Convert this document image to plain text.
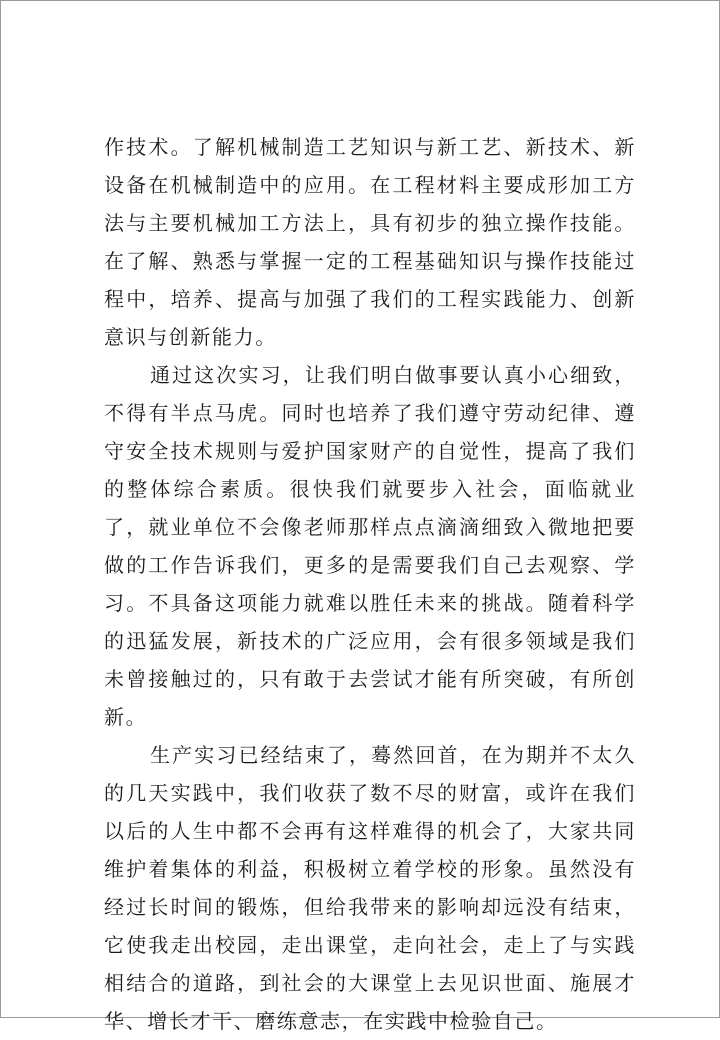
作技术。了解机械制造工艺知识与新工艺、新技术、新设备在机械制造中的应用。在工程材料主要成形加工方法与主要机械加工方法上，具有初步的独立操作技能。在了解、熟悉与掌握一定的工程基础知识与操作技能过程中，培养、提高与加强了我们的工程实践能力、创新意识与创新能力。

通过这次实习，让我们明白做事要认真小心细致，不得有半点马虎。同时也培养了我们遵守劳动纪律、遵守安全技术规则与爱护国家财产的自觉性，提高了我们的整体综合素质。很快我们就要步入社会，面临就业了，就业单位不会像老师那样点点滴滴细致入微地把要做的工作告诉我们，更多的是需要我们自己去观察、学习。不具备这项能力就难以胜任未来的挑战。随着科学的迅猛发展，新技术的广泛应用，会有很多领域是我们未曾接触过的，只有敢于去尝试才能有所突破，有所创新。

生产实习已经结束了，蓦然回首，在为期并不太久的几天实践中，我们收获了数不尽的财富，或许在我们以后的人生中都不会再有这样难得的机会了，大家共同维护着集体的利益，积极树立着学校的形象。虽然没有经过长时间的锻炼，但给我带来的影响却远没有结束，它使我走出校园，走出课堂，走向社会，走上了与实践相结合的道路，到社会的大课堂上去见识世面、施展才华、增长才干、磨练意志，在实践中检验自己。
